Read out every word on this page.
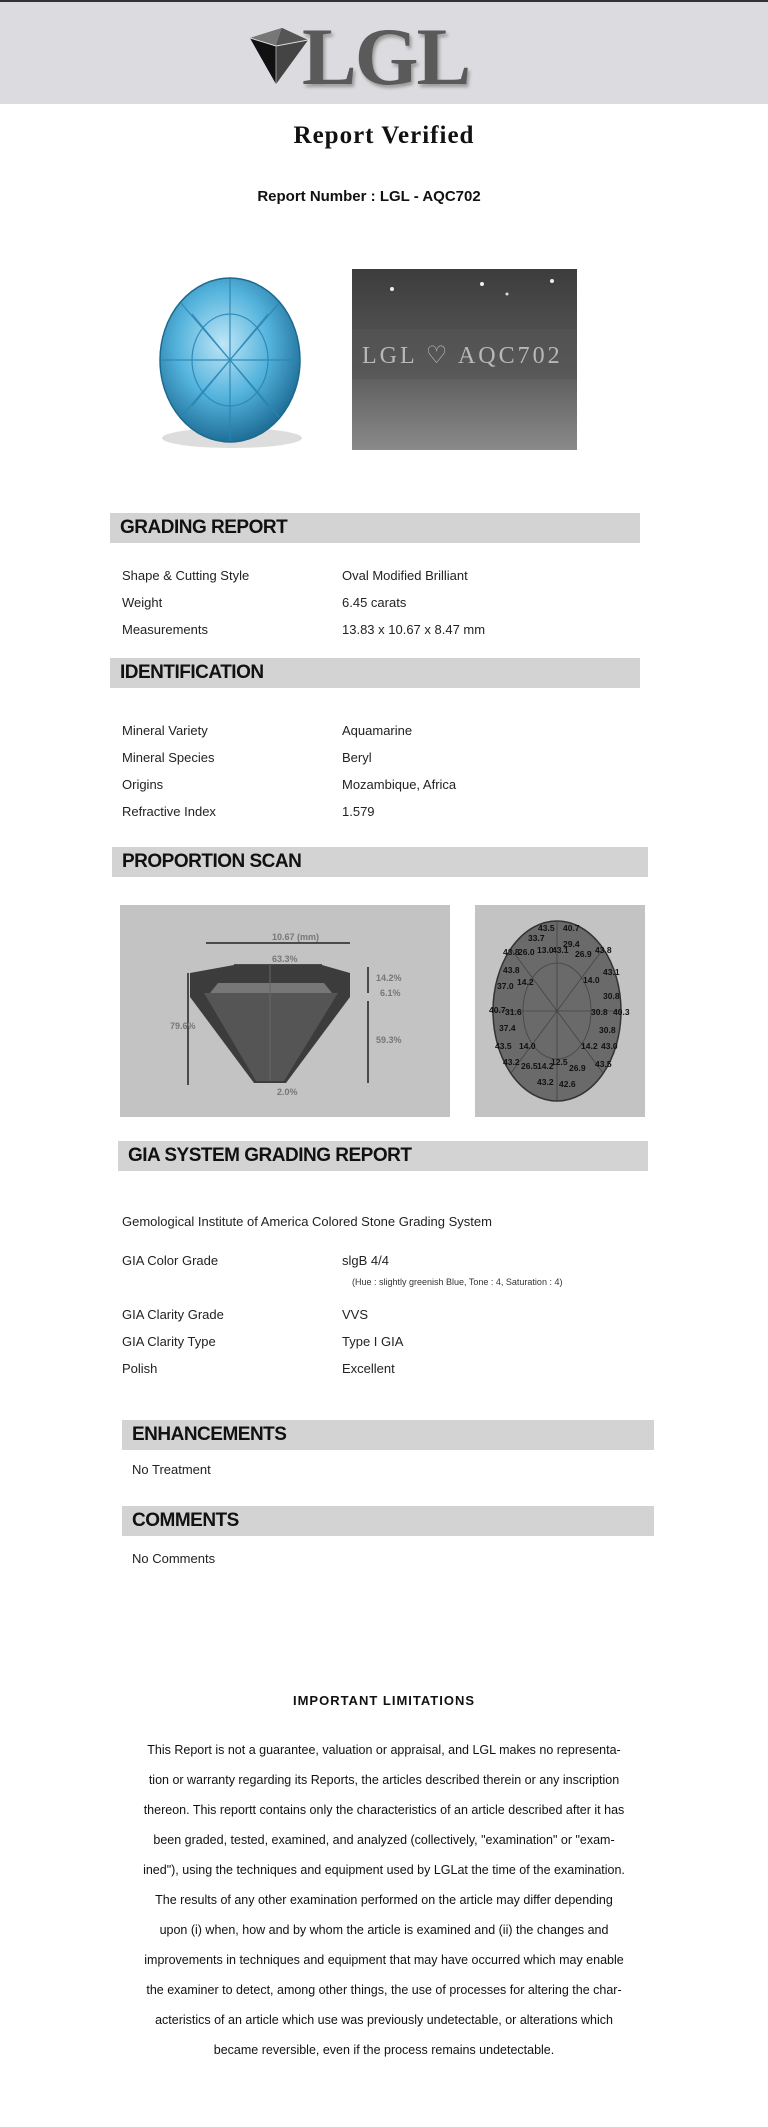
LGL
Report Verified
Report Number : LGL - AQC702
LGL ♡ AQC702
GRADING REPORT
Shape & Cutting Style	Oval Modified Brilliant
Weight	6.45 carats
Measurements	13.83 x 10.67 x 8.47 mm
IDENTIFICATION
Mineral Variety	Aquamarine
Mineral Species	Beryl
Origins	Mozambique, Africa
Refractive Index	1.579
PROPORTION SCAN
10.67 (mm)
63.3%
79.6%
14.2%
6.1%
59.3%
2.0%
43.5 40.7
33.7
29.4
43.8
43.8
26.0 13.0
43.1 26.9
43.8
14.0
43.1
37.0 14.2
30.8
40.3
40.7 31.6	30.8
37.4	30.8
43.5 14.0	14.2 43.0
43.2 26.5 14.2
12.5	43.5
26.9
43.2 42.6
GIA SYSTEM GRADING REPORT
Gemological Institute of America Colored Stone Grading System
GIA Color Grade	slgB 4/4
(Hue : slightly greenish Blue, Tone : 4, Saturation : 4)
GIA Clarity Grade	VVS
GIA Clarity Type	Type I GIA
Polish	Excellent
ENHANCEMENTS
No Treatment
COMMENTS
No Comments
IMPORTANT LIMITATIONS
This Report is not a guarantee, valuation or appraisal, and LGL makes no representa-
tion or warranty regarding its Reports, the articles described therein or any inscription
thereon. This reportt contains only the characteristics of an article described after it has
been graded, tested, examined, and analyzed (collectively, "examination" or "exam-
ined"), using the techniques and equipment used by LGLat the time of the examination.
The results of any other examination performed on the article may differ depending
upon (i) when, how and by whom the article is examined and (ii) the changes and
improvements in techniques and equipment that may have occurred which may enable
the examiner to detect, among other things, the use of processes for altering the char-
acteristics of an article which use was previously undetectable, or alterations which
became reversible, even if the process remains undetectable.
